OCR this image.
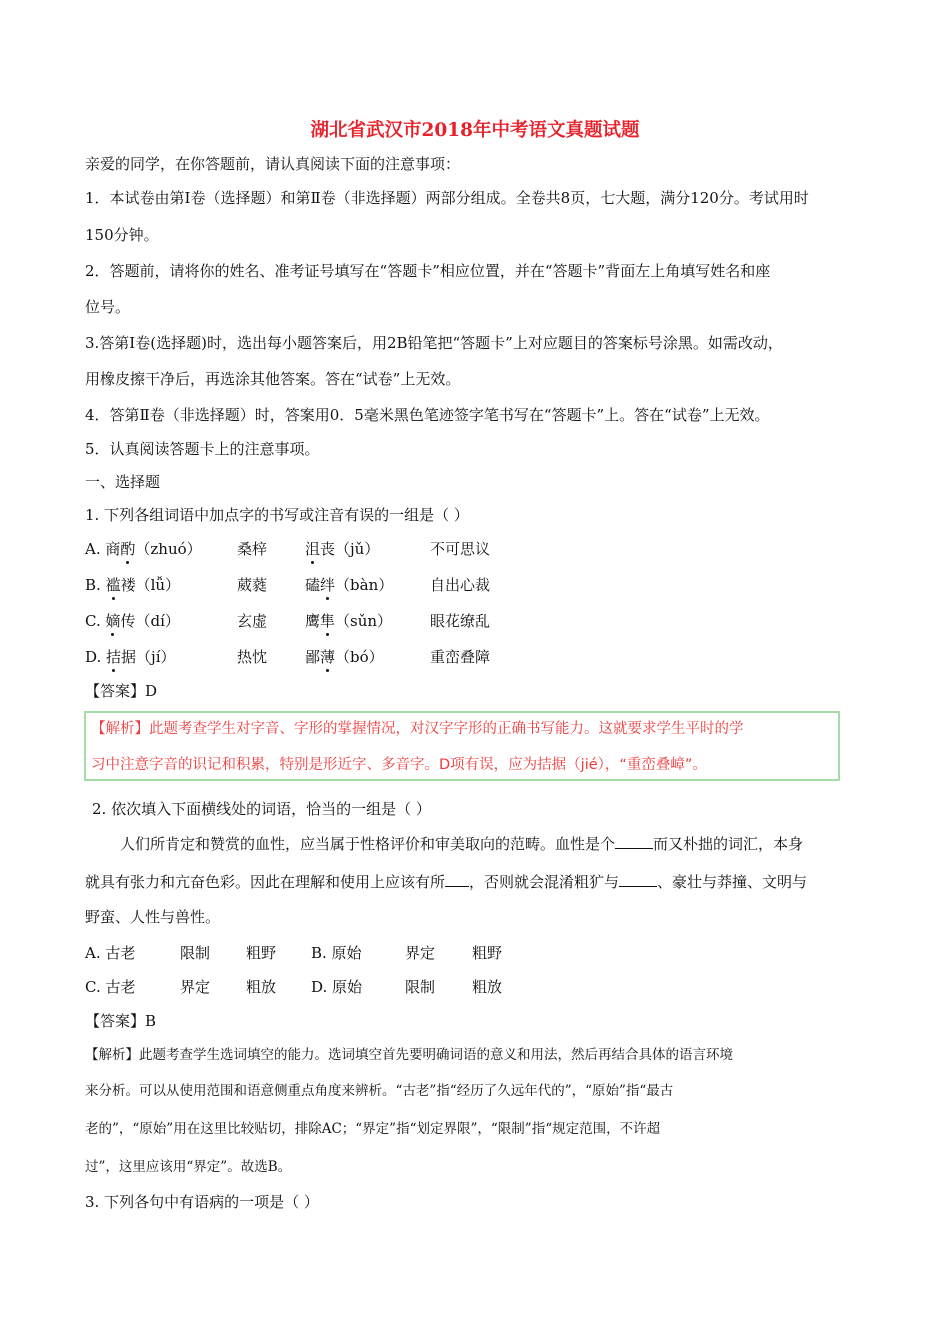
湖北省武汉市2018年中考语文真题试题
亲爱的同学，在你答题前，请认真阅读下面的注意事项：
1．本试卷由第Ⅰ卷（选择题）和第Ⅱ卷（非选择题）两部分组成。全卷共8页，七大题，满分120分。考试用时
150分钟。
2．答题前，请将你的姓名、准考证号填写在“答题卡”相应位置，并在“答题卡”背面左上角填写姓名和座
位号。
3.答第Ⅰ卷(选择题)时，选出每小题答案后，用2B铅笔把“答题卡”上对应题目的答案标号涂黑。如需改动，
用橡皮擦干净后，再选涂其他答案。答在“试卷”上无效。
4．答第Ⅱ卷（非选择题）时，答案用0．5毫米黑色笔迹签字笔书写在“答题卡”上。答在“试卷”上无效。
5．认真阅读答题卡上的注意事项。
一、选择题
1. 下列各组词语中加点字的书写或注音有误的一组是（ ）
A. 商酌（zhuó） 桑梓	沮丧（jǔ）	不可思议
B. 褴褛（lǚ）	葳蕤	磕绊（bàn） 自出心裁
C. 嫡传（dí）	玄虚	鹰隼（sǔn）	眼花缭乱
D. 拮据（jí）	热忱	鄙薄（bó）	重峦叠障
【答案】D
【解析】此题考查学生对字音、字形的掌握情况，对汉字字形的正确书写能力。这就要求学生平时的学
习中注意字音的识记和积累，特别是形近字、多音字。D项有误，应为拮据（jié），“重峦叠嶂”。
2. 依次填入下面横线处的词语，恰当的一组是（ ）
人们所肯定和赞赏的血性，应当属于性格评价和审美取向的范畴。血性是个	而又朴拙的词汇，本身
就具有张力和亢奋色彩。因此在理解和使用上应该有所 ，否则就会混淆粗犷与	、豪壮与莽撞、文明与
野蛮、人性与兽性。
A. 古老	限制 粗野 B. 原始	界定 粗野
C. 古老	界定 粗放 D. 原始	限制 粗放
【答案】B
【解析】此题考查学生选词填空的能力。选词填空首先要明确词语的意义和用法，然后再结合具体的语言环境
来分析。可以从使用范围和语意侧重点角度来辨析。“古老”指“经历了久远年代的”，“原始”指“最古
老的”，“原始”用在这里比较贴切，排除AC；“界定”指“划定界限”，“限制”指“规定范围，不许超
过”，这里应该用“界定”。故选B。
3. 下列各句中有语病的一项是（ ）
